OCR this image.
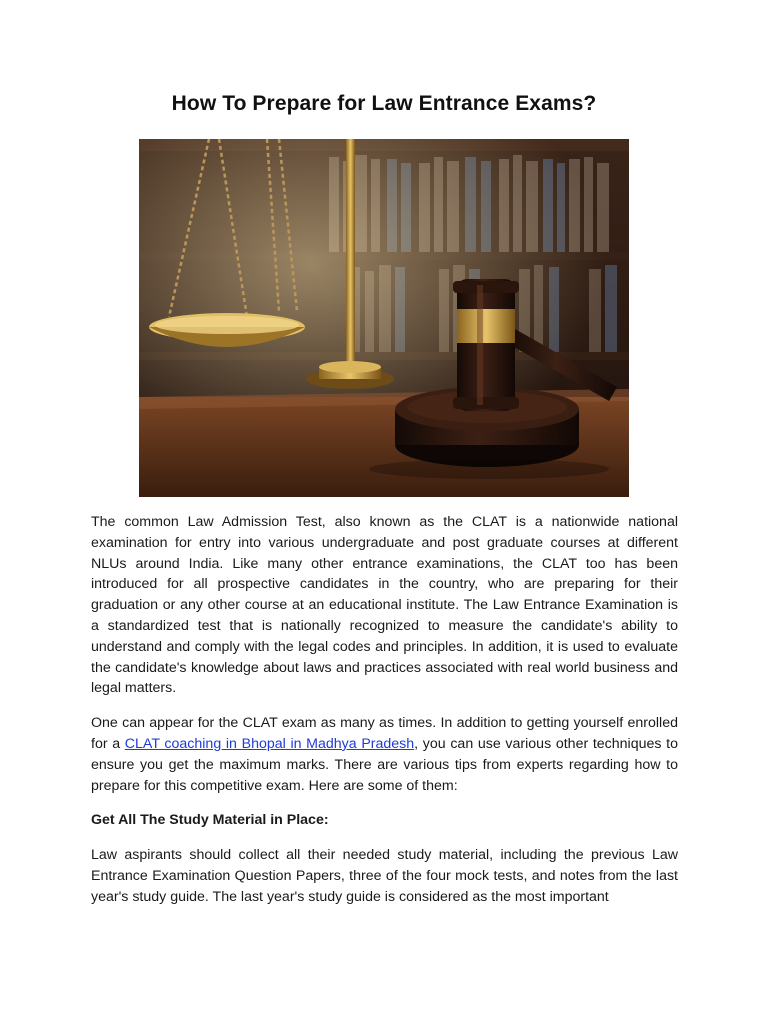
How To Prepare for Law Entrance Exams?

The common Law Admission Test, also known as the CLAT is a nationwide national examination for entry into various undergraduate and post graduate courses at different NLUs around India. Like many other entrance examinations, the CLAT too has been introduced for all prospective candidates in the country, who are preparing for their graduation or any other course at an educational institute. The Law Entrance Examination is a standardized test that is nationally recognized to measure the candidate's ability to understand and comply with the legal codes and principles. In addition, it is used to evaluate the candidate's knowledge about laws and practices associated with real world business and legal matters.

One can appear for the CLAT exam as many as times. In addition to getting yourself enrolled for a CLAT coaching in Bhopal in Madhya Pradesh, you can use various other techniques to ensure you get the maximum marks. There are various tips from experts regarding how to prepare for this competitive exam. Here are some of them:

Get All The Study Material in Place:

Law aspirants should collect all their needed study material, including the previous Law Entrance Examination Question Papers, three of the four mock tests, and notes from the last year's study guide. The last year's study guide is considered as the most important
